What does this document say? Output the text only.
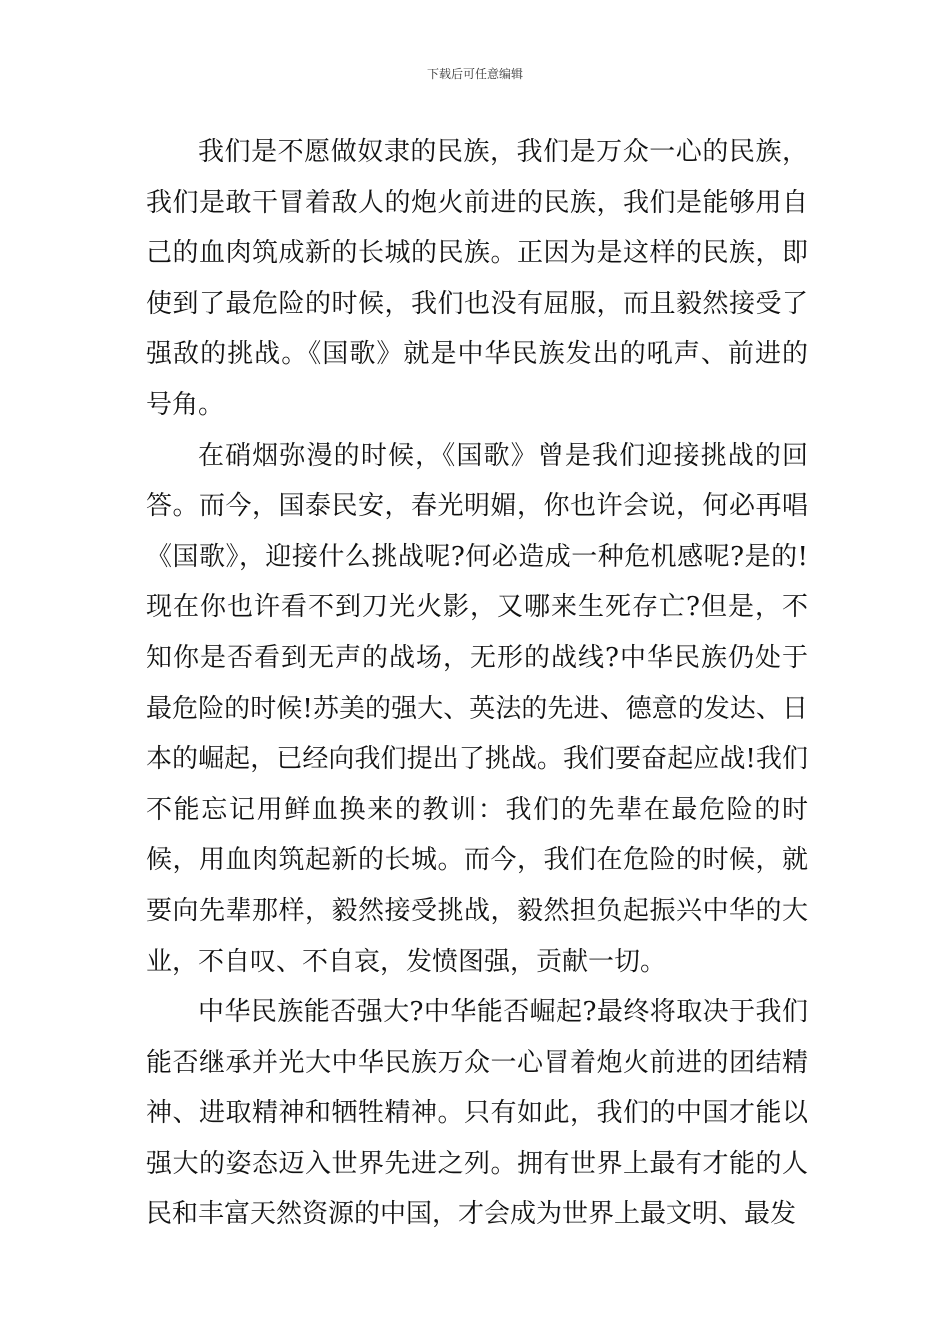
下载后可任意编辑

我们是不愿做奴隶的民族，我们是万众一心的民族，我们是敢干冒着敌人的炮火前进的民族，我们是能够用自己的血肉筑成新的长城的民族。正因为是这样的民族，即使到了最危险的时候，我们也没有屈服，而且毅然接受了强敌的挑战。《国歌》就是中华民族发出的吼声、前进的号角。

在硝烟弥漫的时候，《国歌》曾是我们迎接挑战的回答。而今，国泰民安，春光明媚，你也许会说，何必再唱《国歌》，迎接什么挑战呢?何必造成一种危机感呢?是的!现在你也许看不到刀光火影，又哪来生死存亡?但是，不知你是否看到无声的战场，无形的战线?中华民族仍处于最危险的时候!苏美的强大、英法的先进、德意的发达、日本的崛起，已经向我们提出了挑战。我们要奋起应战!我们不能忘记用鲜血换来的教训：我们的先辈在最危险的时候，用血肉筑起新的长城。而今，我们在危险的时候，就要向先辈那样，毅然接受挑战，毅然担负起振兴中华的大业，不自叹、不自哀，发愤图强，贡献一切。

中华民族能否强大?中华能否崛起?最终将取决于我们能否继承并光大中华民族万众一心冒着炮火前进的团结精神、进取精神和牺牲精神。只有如此，我们的中国才能以强大的姿态迈入世界先进之列。拥有世界上最有才能的人民和丰富天然资源的中国，才会成为世界上最文明、最发
